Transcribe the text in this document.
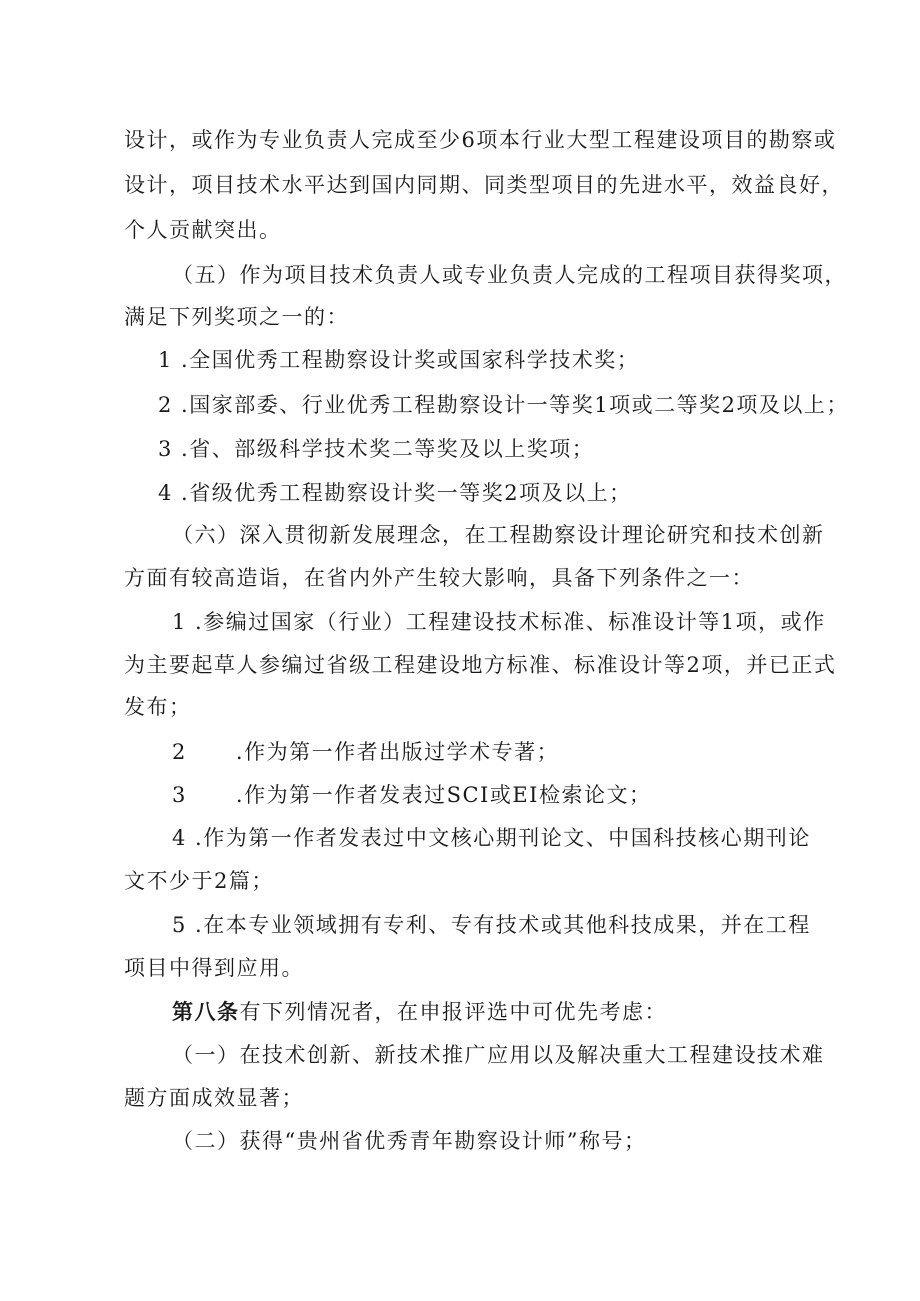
设计，或作为专业负责人完成至少6项本行业大型工程建设项目的勘察或
设计，项目技术水平达到国内同期、同类型项目的先进水平，效益良好，
个人贡献突出。
（五）作为项目技术负责人或专业负责人完成的工程项目获得奖项，
满足下列奖项之一的：
1 .全国优秀工程勘察设计奖或国家科学技术奖；
2 .国家部委、行业优秀工程勘察设计一等奖1项或二等奖2项及以上；
3 .省、部级科学技术奖二等奖及以上奖项；
4 .省级优秀工程勘察设计奖一等奖2项及以上；
（六）深入贯彻新发展理念，在工程勘察设计理论研究和技术创新
方面有较高造诣，在省内外产生较大影响，具备下列条件之一：
1 .参编过国家（行业）工程建设技术标准、标准设计等1项，或作
为主要起草人参编过省级工程建设地方标准、标准设计等2项，并已正式
发布；
2      .作为第一作者出版过学术专著；
3      .作为第一作者发表过SCI或EI检索论文；
4 .作为第一作者发表过中文核心期刊论文、中国科技核心期刊论
文不少于2篇；
5 .在本专业领域拥有专利、专有技术或其他科技成果，并在工程
项目中得到应用。
第八条有下列情况者，在申报评选中可优先考虑：
（一）在技术创新、新技术推广应用以及解决重大工程建设技术难
题方面成效显著；
（二）获得“贵州省优秀青年勘察设计师”称号；
